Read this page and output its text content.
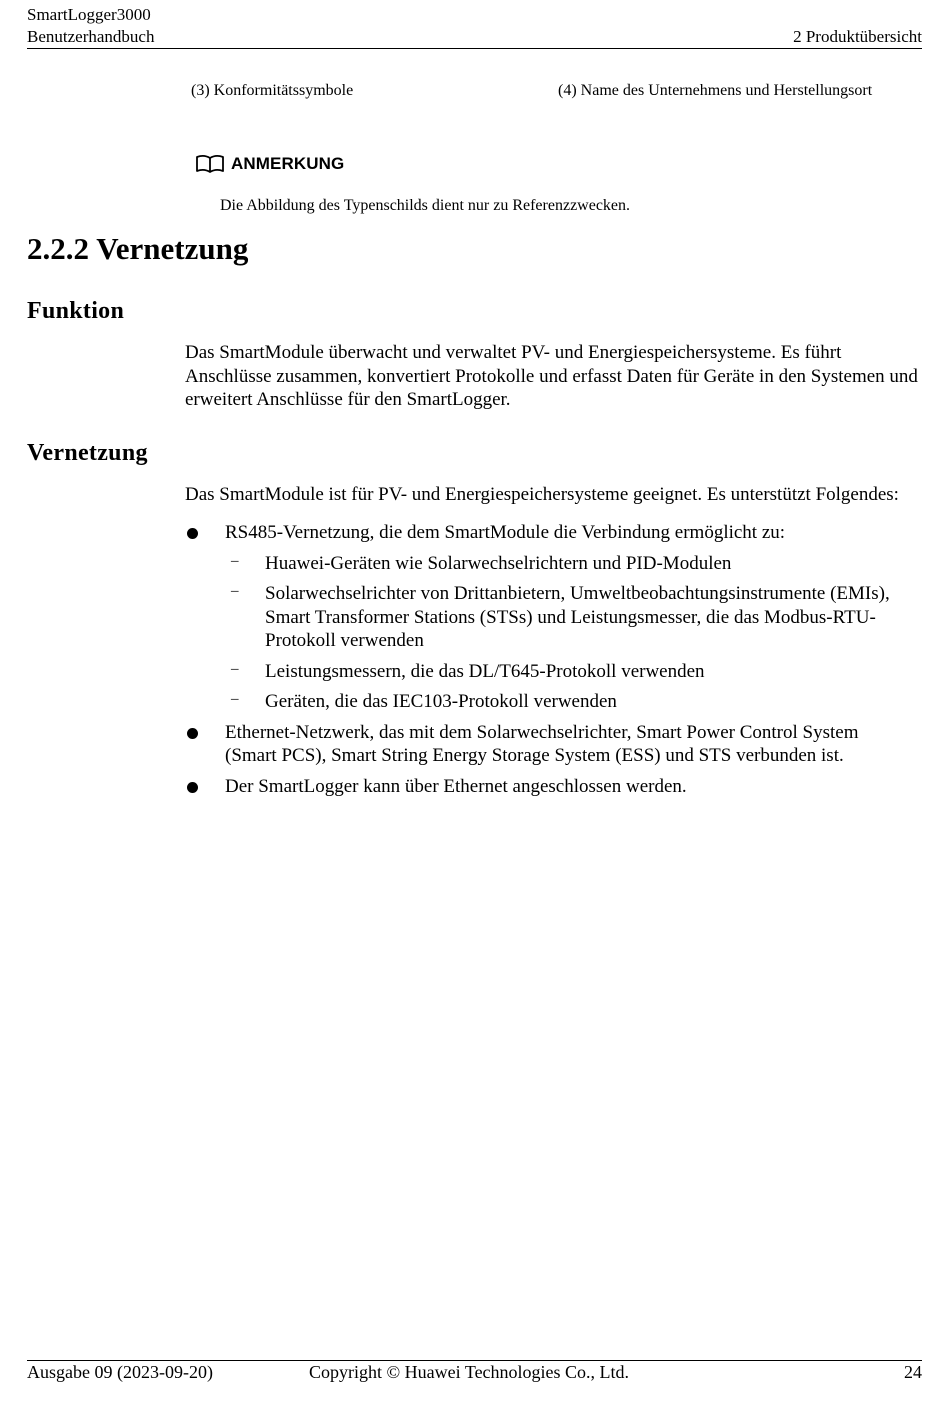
SmartLogger3000
Benutzerhandbuch	2 Produktübersicht
(3) Konformitätssymbole	(4) Name des Unternehmens und Herstellungsort
ANMERKUNG
Die Abbildung des Typenschilds dient nur zu Referenzzwecken.
2.2.2 Vernetzung
Funktion
Das SmartModule überwacht und verwaltet PV- und Energiespeichersysteme. Es führt Anschlüsse zusammen, konvertiert Protokolle und erfasst Daten für Geräte in den Systemen und erweitert Anschlüsse für den SmartLogger.
Vernetzung
Das SmartModule ist für PV- und Energiespeichersysteme geeignet. Es unterstützt Folgendes:
RS485-Vernetzung, die dem SmartModule die Verbindung ermöglicht zu:
– Huawei-Geräten wie Solarwechselrichtern und PID-Modulen
– Solarwechselrichter von Drittanbietern, Umweltbeobachtungsinstrumente (EMIs), Smart Transformer Stations (STSs) und Leistungsmesser, die das Modbus-RTU-Protokoll verwenden
– Leistungsmessern, die das DL/T645-Protokoll verwenden
– Geräten, die das IEC103-Protokoll verwenden
Ethernet-Netzwerk, das mit dem Solarwechselrichter, Smart Power Control System (Smart PCS), Smart String Energy Storage System (ESS) und STS verbunden ist.
Der SmartLogger kann über Ethernet angeschlossen werden.
Ausgabe 09 (2023-09-20)	Copyright © Huawei Technologies Co., Ltd.	24
